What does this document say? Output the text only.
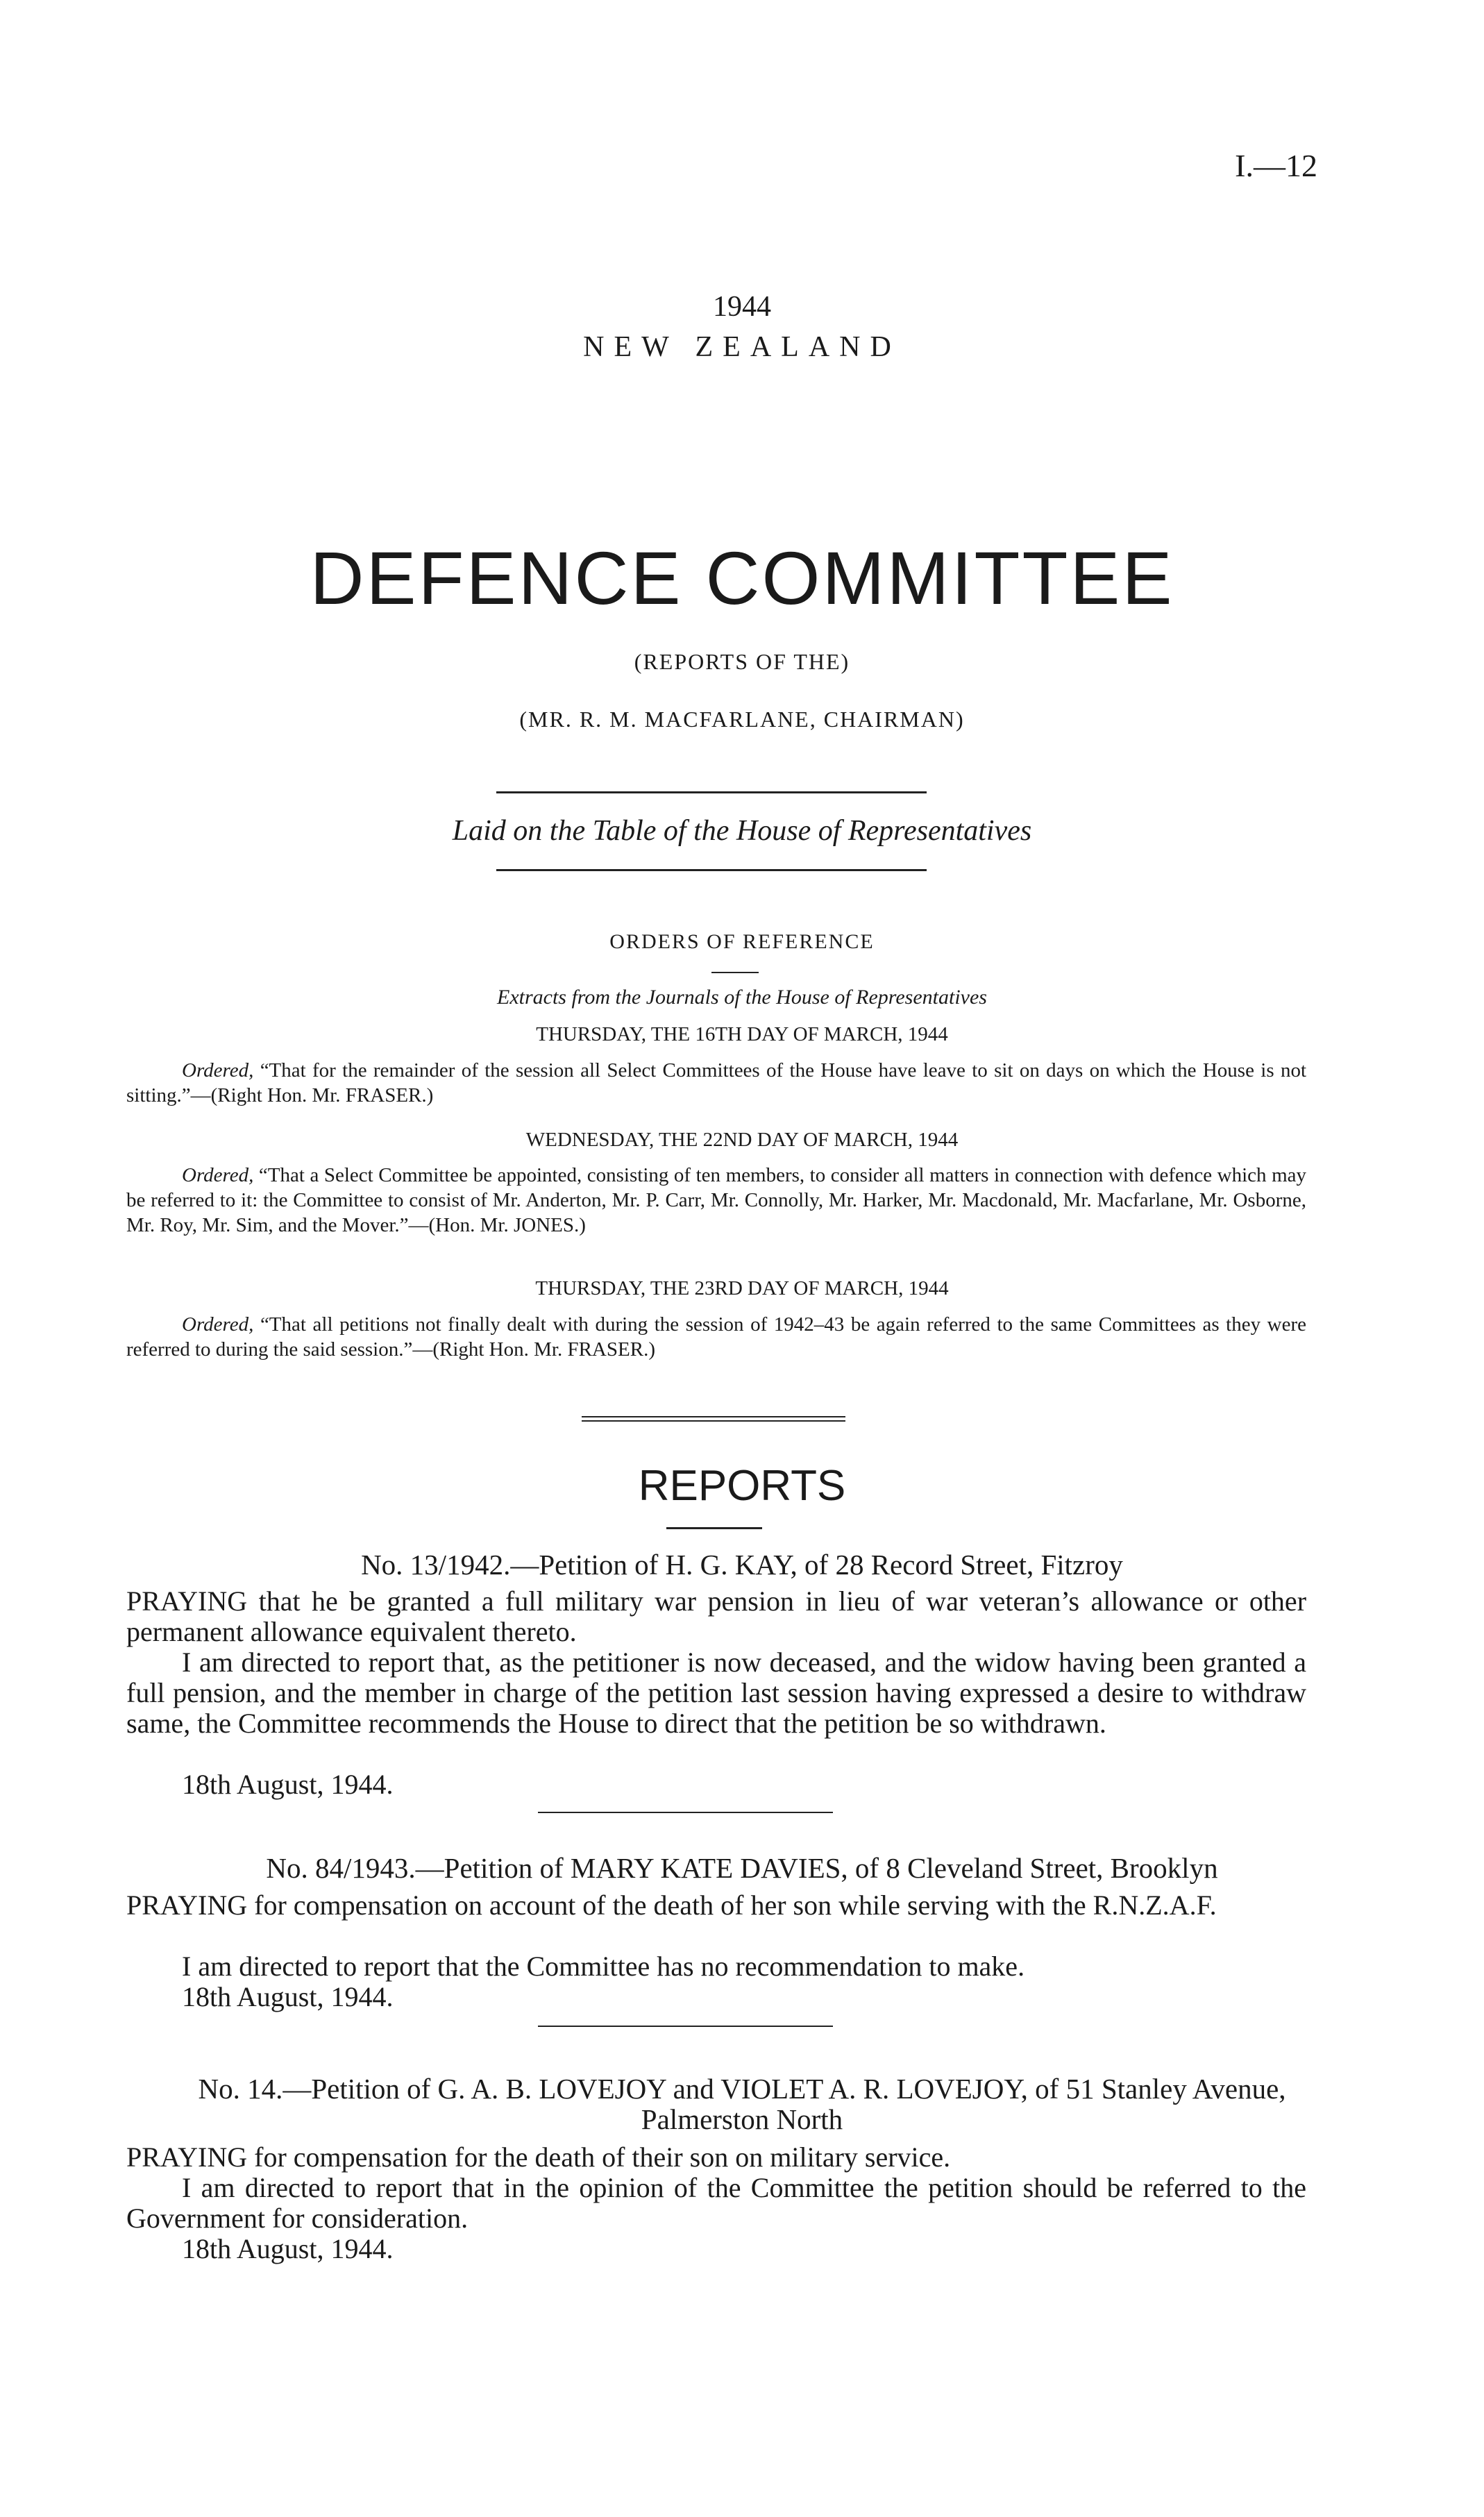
I.—12
1944
NEW ZEALAND
DEFENCE COMMITTEE
(REPORTS OF THE)
(MR. R. M. MACFARLANE, CHAIRMAN)
Laid on the Table of the House of Representatives
ORDERS OF REFERENCE
Extracts from the Journals of the House of Representatives
THURSDAY, THE 16TH DAY OF MARCH, 1944
Ordered, “That for the remainder of the session all Select Committees of the House have leave to sit on days on which the House is not sitting.”—(Right Hon. Mr. FRASER.)
WEDNESDAY, THE 22ND DAY OF MARCH, 1944
Ordered, “That a Select Committee be appointed, consisting of ten members, to consider all matters in connection with defence which may be referred to it: the Committee to consist of Mr. Anderton, Mr. P. Carr, Mr. Connolly, Mr. Harker, Mr. Macdonald, Mr. Macfarlane, Mr. Osborne, Mr. Roy, Mr. Sim, and the Mover.”—(Hon. Mr. JONES.)
THURSDAY, THE 23RD DAY OF MARCH, 1944
Ordered, “That all petitions not finally dealt with during the session of 1942–43 be again referred to the same Committees as they were referred to during the said session.”—(Right Hon. Mr. FRASER.)
REPORTS
No. 13/1942.—Petition of H. G. KAY, of 28 Record Street, Fitzroy
PRAYING that he be granted a full military war pension in lieu of war veteran’s allowance or other permanent allowance equivalent thereto.
I am directed to report that, as the petitioner is now deceased, and the widow having been granted a full pension, and the member in charge of the petition last session having expressed a desire to withdraw same, the Committee recommends the House to direct that the petition be so withdrawn.
18th August, 1944.
No. 84/1943.—Petition of MARY KATE DAVIES, of 8 Cleveland Street, Brooklyn
PRAYING for compensation on account of the death of her son while serving with the R.N.Z.A.F.
I am directed to report that the Committee has no recommendation to make.
18th August, 1944.
No. 14.—Petition of G. A. B. LOVEJOY and VIOLET A. R. LOVEJOY, of 51 Stanley Avenue,
Palmerston North
PRAYING for compensation for the death of their son on military service.
I am directed to report that in the opinion of the Committee the petition should be referred to the Government for consideration.
18th August, 1944.
